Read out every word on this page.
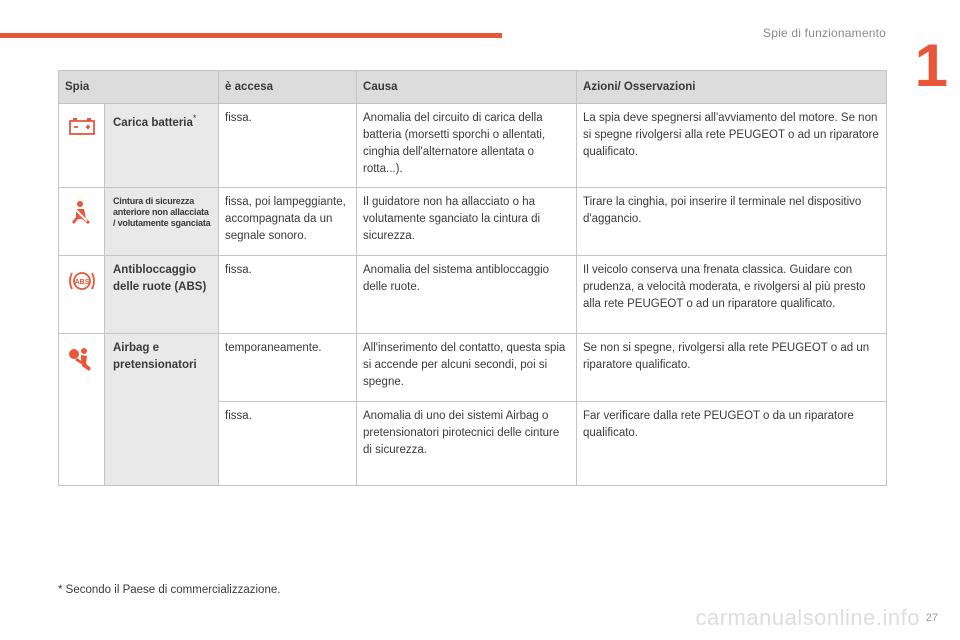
Spie di funzionamento 1
Spia		è accesa	Causa	Azioni/ Osservazioni
	Carica batteria*	fissa.	Anomalia del circuito di carica della batteria (morsetti sporchi o allentati, cinghia dell'alternatore allentata o rotta...).	La spia deve spegnersi all'avviamento del motore. Se non si spegne rivolgersi alla rete PEUGEOT o ad un riparatore qualificato.
	Cintura di sicurezza anteriore non allacciata / volutamente sganciata	fissa, poi lampeggiante, accompagnata da un segnale sonoro.	Il guidatore non ha allacciato o ha volutamente sganciato la cintura di sicurezza.	Tirare la cinghia, poi inserire il terminale nel dispositivo d'aggancio.

ABS	Antibloccaggio delle ruote (ABS)	fissa.	Anomalia del sistema antibloccaggio delle ruote.	Il veicolo conserva una frenata classica. Guidare con prudenza, a velocità moderata, e rivolgersi al più presto alla rete PEUGEOT o ad un riparatore qualificato.
	Airbag e pretensionatori	temporaneamente.	All'inserimento del contatto, questa spia si accende per alcuni secondi, poi si spegne.	Se non si spegne, rivolgersi alla rete PEUGEOT o ad un riparatore qualificato.
		fissa.	Anomalia di uno dei sistemi Airbag o pretensionatori pirotecnici delle cinture di sicurezza.	Far verificare dalla rete PEUGEOT o da un riparatore qualificato.
* Secondo il Paese di commercializzazione.
carmanualsonline.info 27
